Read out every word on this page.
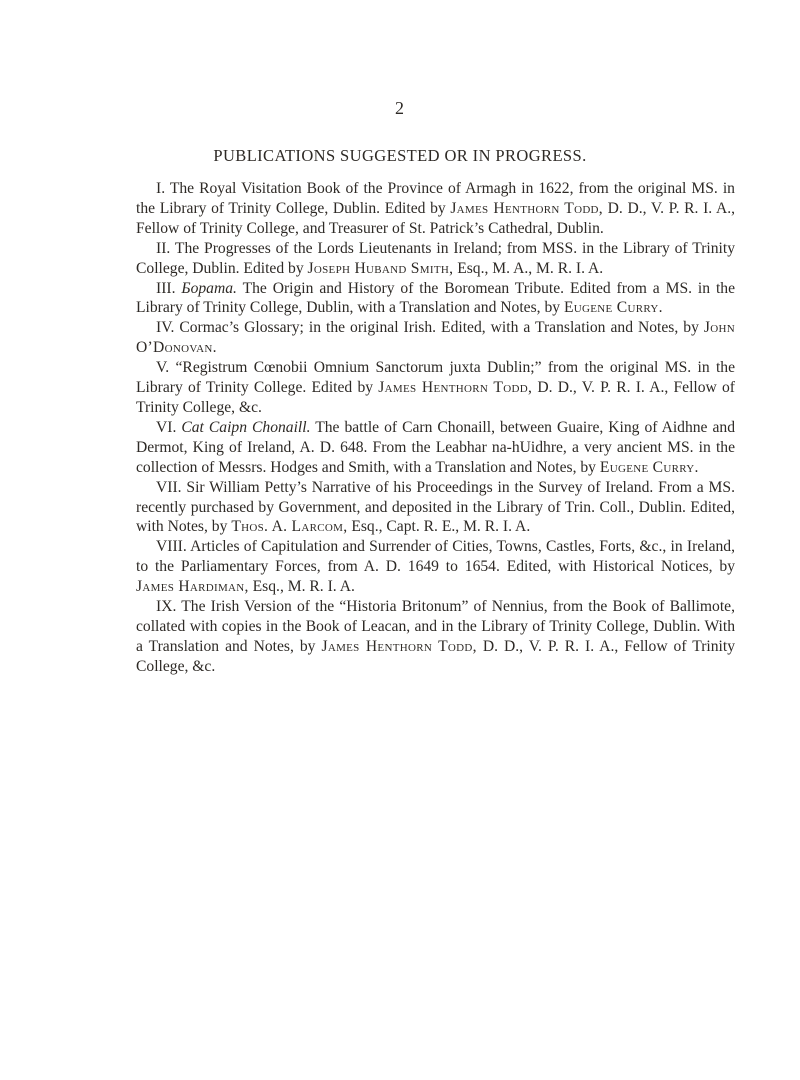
2
PUBLICATIONS SUGGESTED OR IN PROGRESS.

I. The Royal Visitation Book of the Province of Armagh in 1622, from the original MS. in the Library of Trinity College, Dublin. Edited by James Henthorn Todd, D. D., V. P. R. I. A., Fellow of Trinity College, and Treasurer of St. Patrick’s Cathedral, Dublin.

II. The Progresses of the Lords Lieutenants in Ireland; from MSS. in the Library of Trinity College, Dublin. Edited by Joseph Huband Smith, Esq., M. A., M. R. I. A.

III. Ƃopama. The Origin and History of the Boromean Tribute. Edited from a MS. in the Library of Trinity College, Dublin, with a Translation and Notes, by Eugene Curry.

IV. Cormac’s Glossary; in the original Irish. Edited, with a Translation and Notes, by John O’Donovan.

V. “Registrum Cœnobii Omnium Sanctorum juxta Dublin;” from the original MS. in the Library of Trinity College. Edited by James Henthorn Todd, D. D., V. P. R. I. A., Fellow of Trinity College, &c.

VI. Cat Caipn Chonaill. The battle of Carn Chonaill, between Guaire, King of Aidhne and Dermot, King of Ireland, A. D. 648. From the Leabhar na-hUidhre, a very ancient MS. in the collection of Messrs. Hodges and Smith, with a Translation and Notes, by Eugene Curry.

VII. Sir William Petty’s Narrative of his Proceedings in the Survey of Ireland. From a MS. recently purchased by Government, and deposited in the Library of Trin. Coll., Dublin. Edited, with Notes, by Thos. A. Larcom, Esq., Capt. R. E., M. R. I. A.

VIII. Articles of Capitulation and Surrender of Cities, Towns, Castles, Forts, &c., in Ireland, to the Parliamentary Forces, from A. D. 1649 to 1654. Edited, with Historical Notices, by James Hardiman, Esq., M. R. I. A.

IX. The Irish Version of the “Historia Britonum” of Nennius, from the Book of Ballimote, collated with copies in the Book of Leacan, and in the Library of Trinity College, Dublin. With a Translation and Notes, by James Henthorn Todd, D. D., V. P. R. I. A., Fellow of Trinity College, &c.
